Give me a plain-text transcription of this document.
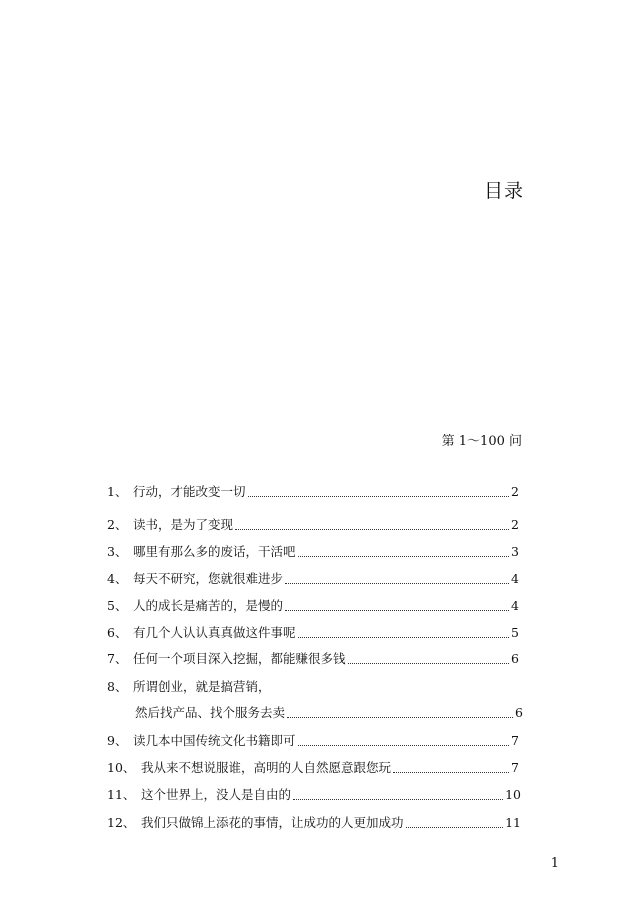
目录
第 1～100 问
1、 行动，才能改变一切	2
2、 读书，是为了变现	2
3、 哪里有那么多的废话，干活吧	3
4、 每天不研究，您就很难进步	4
5、 人的成长是痛苦的，是慢的	4
6、 有几个人认认真真做这件事呢	5
7、 任何一个项目深入挖掘，都能赚很多钱	6
8、 所谓创业，就是搞营销，
然后找产品、找个服务去卖	6
9、 读几本中国传统文化书籍即可	7
10、 我从来不想说服谁，高明的人自然愿意跟您玩	7
11、 这个世界上，没人是自由的	10
12、 我们只做锦上添花的事情，让成功的人更加成功	11
1
